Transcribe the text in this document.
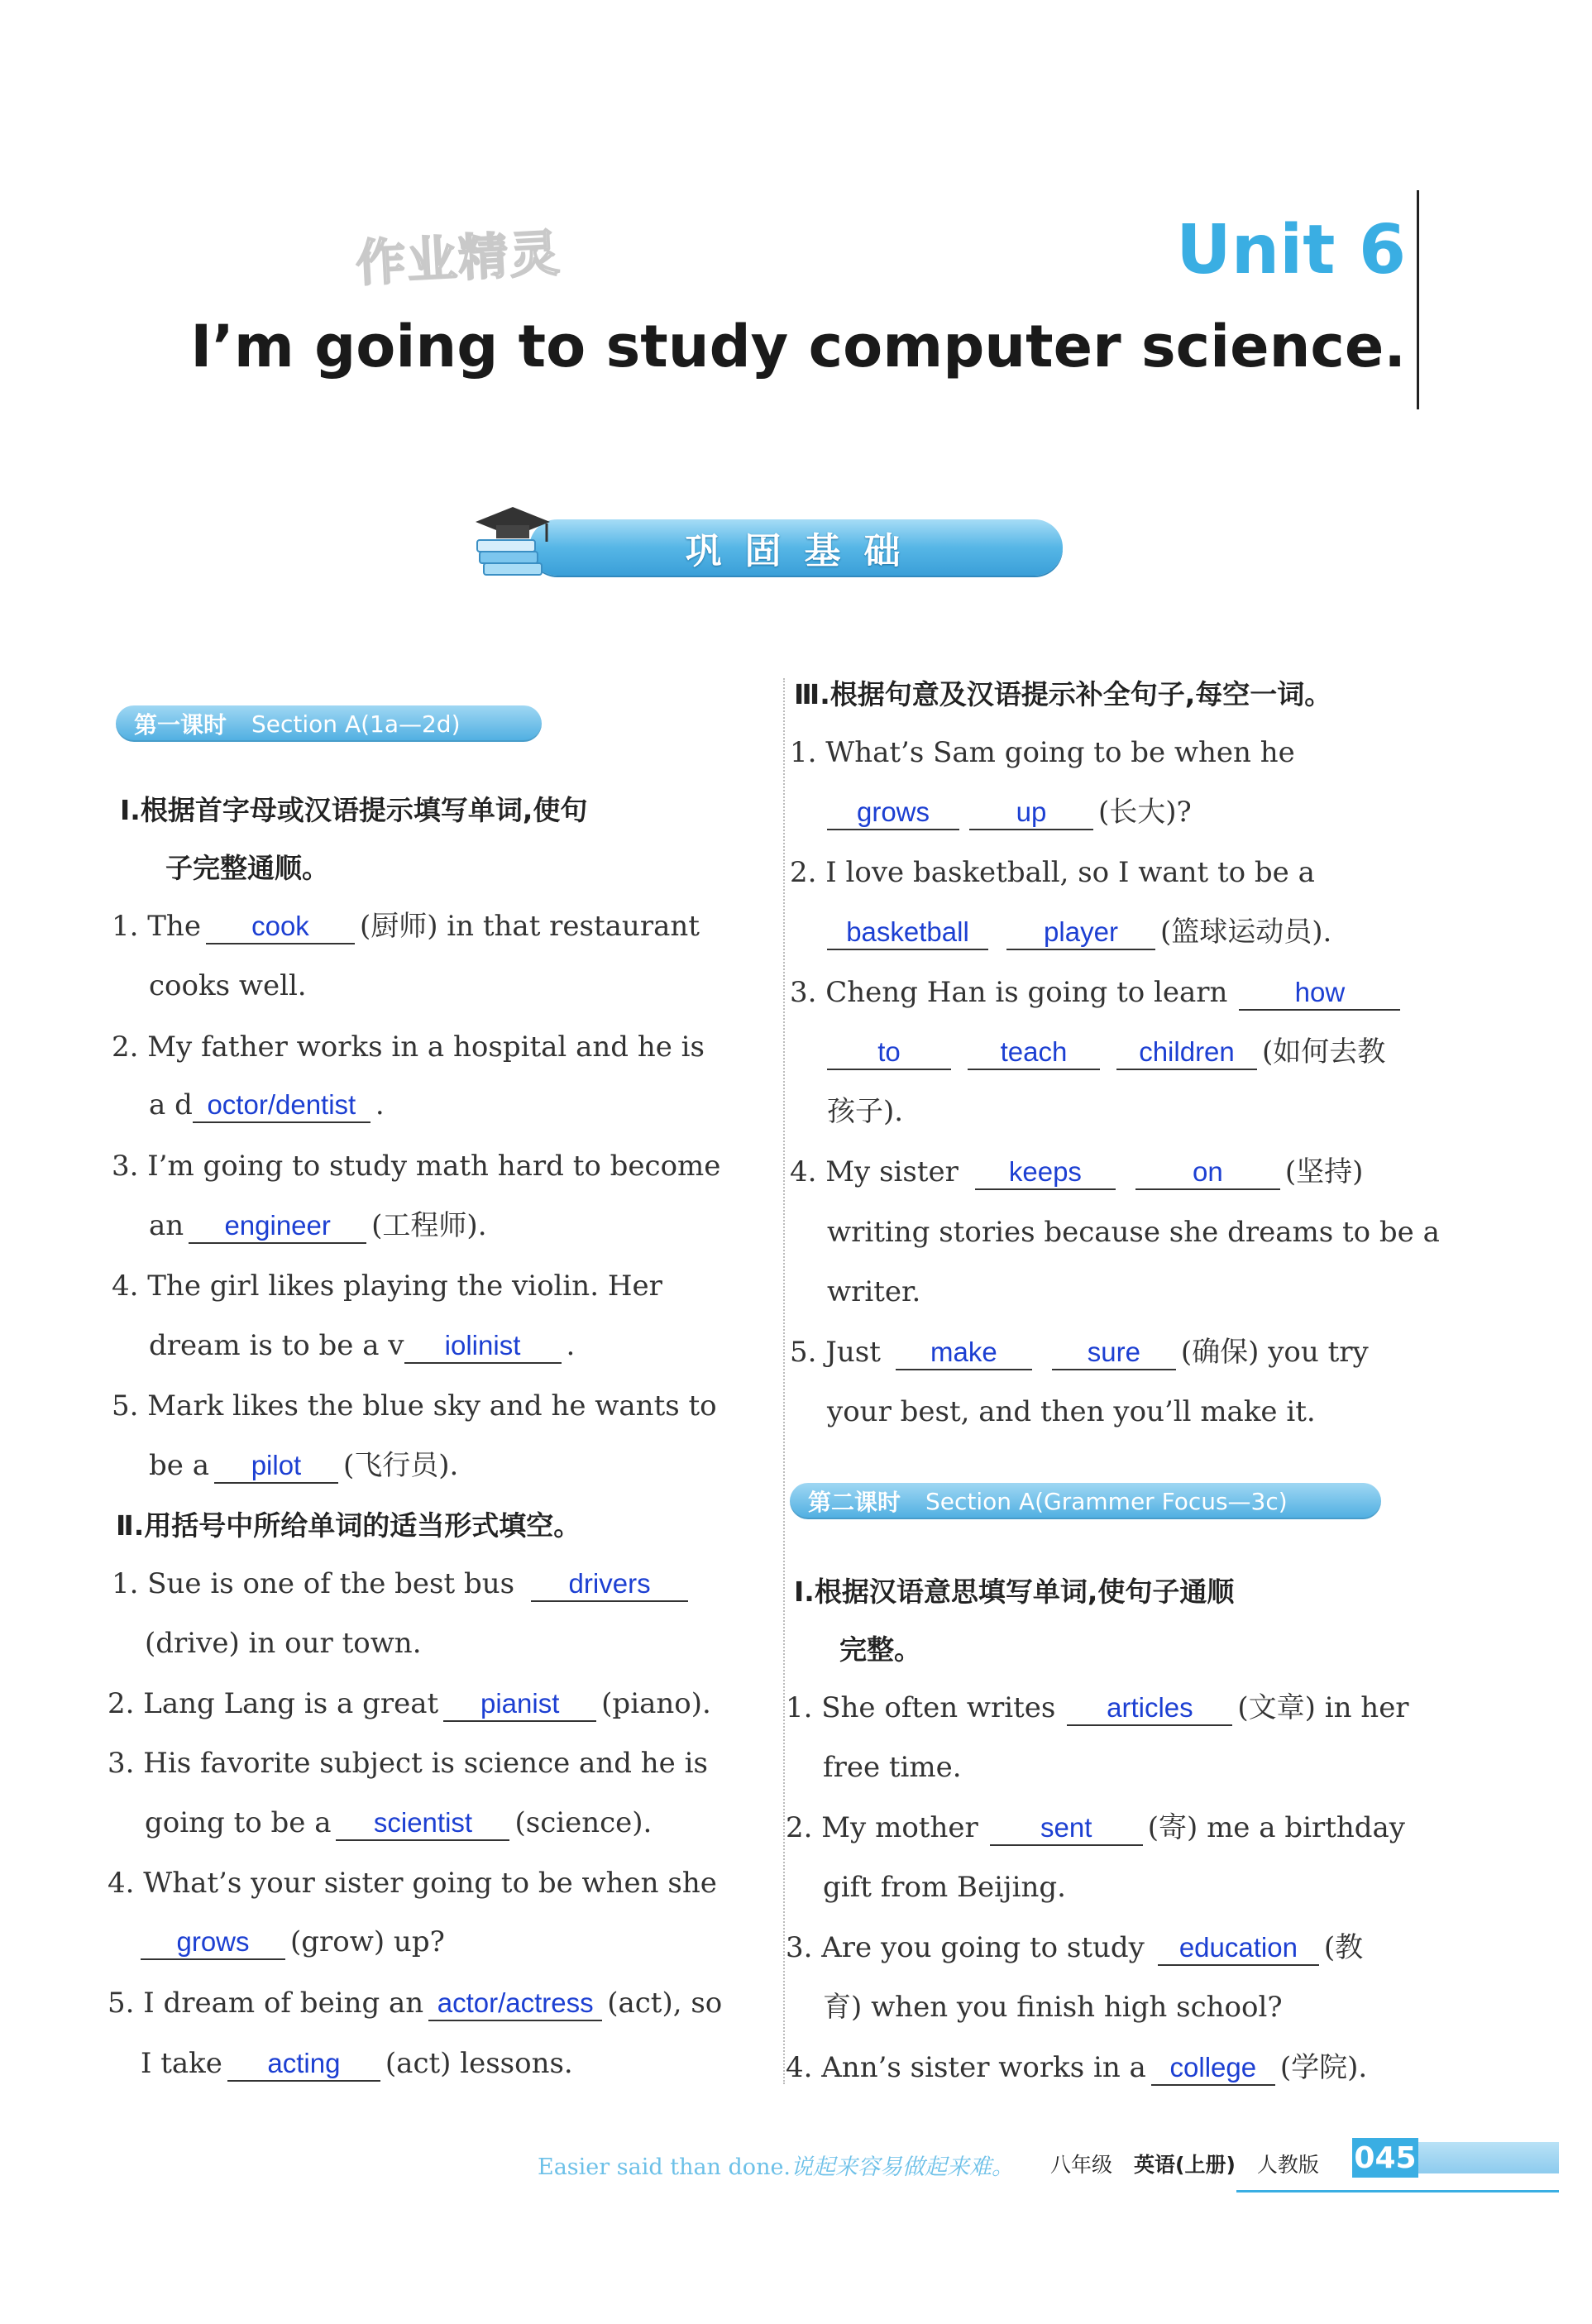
作业精灵	Unit 6
I’m going to study computer science.
巩固基础
第一课时 Section A(1a—2d)
Ⅰ.根据首字母或汉语提示填写单词,使句
子完整通顺。
1. The cook (厨师) in that restaurant
cooks well.
2. My father works in a hospital and he is
a d octor/dentist .
3. I’m going to study math hard to become
an engineer (工程师).
4. The girl likes playing the violin. Her
dream is to be a v iolinist .
5. Mark likes the blue sky and he wants to
be a pilot (飞行员).
Ⅱ.用括号中所给单词的适当形式填空。
1. Sue is one of the best bus drivers
(drive) in our town.
2. Lang Lang is a great pianist (piano).
3. His favorite subject is science and he is
going to be a scientist (science).
4. What’s your sister going to be when she
grows (grow) up?
5. I dream of being an actor/actress (act), so
I take acting (act) lessons.
Ⅲ.根据句意及汉语提示补全句子,每空一词。
1. What’s Sam going to be when he
grows	up (长大)?
2. I love basketball, so I want to be a
basketball	player (篮球运动员).
3. Cheng Han is going to learn how
to	teach	children (如何去教
孩子).
4. My sister keeps	on (坚持)
writing stories because she dreams to be a
writer.
5. Just make	sure (确保) you try
your best, and then you’ll make it.
第二课时 Section A(Grammer Focus—3c)
Ⅰ.根据汉语意思填写单词,使句子通顺
完整。
1. She often writes articles (文章) in her
free time.
2. My mother sent (寄) me a birthday
gift from Beijing.
3. Are you going to study education (教
育) when you finish high school?
4. Ann’s sister works in a college (学院).
Easier said than done.说起来容易做起来难。 八年级 英语(上册) 人教版	045
